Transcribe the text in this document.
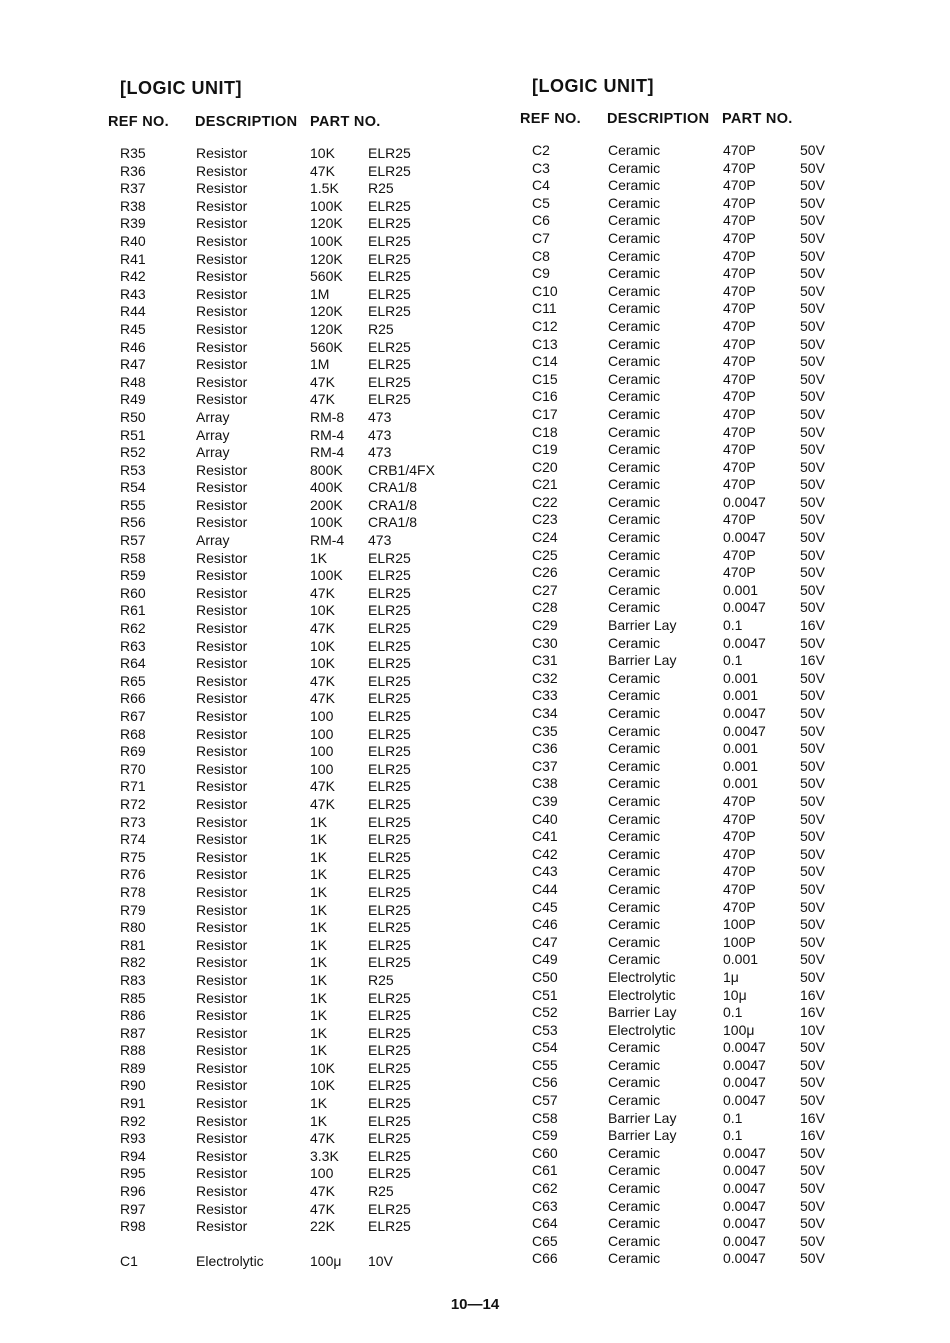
[LOGIC UNIT]
REF NO. DESCRIPTION PART NO.
R35	Resistor	10K ELR25
R36	Resistor	47K ELR25
R37	Resistor	1.5K R25
R38	Resistor	100K ELR25
R39	Resistor	120K ELR25
R40	Resistor	100K ELR25
R41	Resistor	120K ELR25
R42	Resistor	560K ELR25
R43	Resistor	1M	ELR25
R44	Resistor	120K ELR25
R45	Resistor	120K R25
R46	Resistor	560K ELR25
R47	Resistor	1M	ELR25
R48	Resistor	47K ELR25
R49	Resistor	47K ELR25
R50	Array	RM-8 473
R51	Array	RM-4 473
R52	Array	RM-4 473
R53	Resistor	800K CRB1/4FX
R54	Resistor	400K CRA1/8
R55	Resistor	200K CRA1/8
R56	Resistor	100K CRA1/8
R57	Array	RM-4 473
R58	Resistor	1K	ELR25
R59	Resistor	100K ELR25
R60	Resistor	47K ELR25
R61	Resistor	10K ELR25
R62	Resistor	47K ELR25
R63	Resistor	10K ELR25
R64	Resistor	10K ELR25
R65	Resistor	47K ELR25
R66	Resistor	47K ELR25
R67	Resistor	100 ELR25
R68	Resistor	100 ELR25
R69	Resistor	100 ELR25
R70	Resistor	100 ELR25
R71	Resistor	47K ELR25
R72	Resistor	47K ELR25
R73	Resistor	1K	ELR25
R74	Resistor	1K	ELR25
R75	Resistor	1K	ELR25
R76	Resistor	1K	ELR25
R78	Resistor	1K	ELR25
R79	Resistor	1K	ELR25
R80	Resistor	1K	ELR25
R81	Resistor	1K	ELR25
R82	Resistor	1K	ELR25
R83	Resistor	1K	R25
R85	Resistor	1K	ELR25
R86	Resistor	1K	ELR25
R87	Resistor	1K	ELR25
R88	Resistor	1K	ELR25
R89	Resistor	10K ELR25
R90	Resistor	10K ELR25
R91	Resistor	1K	ELR25
R92	Resistor	1K	ELR25
R93	Resistor	47K ELR25
R94	Resistor	3.3K ELR25
R95	Resistor	100 ELR25
R96	Resistor	47K R25
R97	Resistor	47K ELR25
R98	Resistor	22K ELR25
C1	Electrolytic	100μ 10V
[LOGIC UNIT]
REF NO. DESCRIPTION PART NO.
C2	Ceramic	470P	50V
C3	Ceramic	470P	50V
C4	Ceramic	470P	50V
C5	Ceramic	470P	50V
C6	Ceramic	470P	50V
C7	Ceramic	470P	50V
C8	Ceramic	470P	50V
C9	Ceramic	470P	50V
C10	Ceramic	470P	50V
C11	Ceramic	470P	50V
C12	Ceramic	470P	50V
C13	Ceramic	470P	50V
C14	Ceramic	470P	50V
C15	Ceramic	470P	50V
C16	Ceramic	470P	50V
C17	Ceramic	470P	50V
C18	Ceramic	470P	50V
C19	Ceramic	470P	50V
C20	Ceramic	470P	50V
C21	Ceramic	470P	50V
C22	Ceramic	0.0047 50V
C23	Ceramic	470P	50V
C24	Ceramic	0.0047 50V
C25	Ceramic	470P	50V
C26	Ceramic	470P	50V
C27	Ceramic	0.001	50V
C28	Ceramic	0.0047 50V
C29	Barrier Lay	0.1	16V
C30	Ceramic	0.0047 50V
C31	Barrier Lay	0.1	16V
C32	Ceramic	0.001	50V
C33	Ceramic	0.001	50V
C34	Ceramic	0.0047 50V
C35	Ceramic	0.0047 50V
C36	Ceramic	0.001	50V
C37	Ceramic	0.001	50V
C38	Ceramic	0.001	50V
C39	Ceramic	470P	50V
C40	Ceramic	470P	50V
C41	Ceramic	470P	50V
C42	Ceramic	470P	50V
C43	Ceramic	470P	50V
C44	Ceramic	470P	50V
C45	Ceramic	470P	50V
C46	Ceramic	100P	50V
C47	Ceramic	100P	50V
C49	Ceramic	0.001	50V
C50	Electrolytic	1μ	50V
C51	Electrolytic	10μ	16V
C52	Barrier Lay	0.1	16V
C53	Electrolytic	100μ	10V
C54	Ceramic	0.0047 50V
C55	Ceramic	0.0047 50V
C56	Ceramic	0.0047 50V
C57	Ceramic	0.0047 50V
C58	Barrier Lay	0.1	16V
C59	Barrier Lay	0.1	16V
C60	Ceramic	0.0047 50V
C61	Ceramic	0.0047 50V
C62	Ceramic	0.0047 50V
C63	Ceramic	0.0047 50V
C64	Ceramic	0.0047 50V
C65	Ceramic	0.0047 50V
C66	Ceramic	0.0047 50V
10—14
